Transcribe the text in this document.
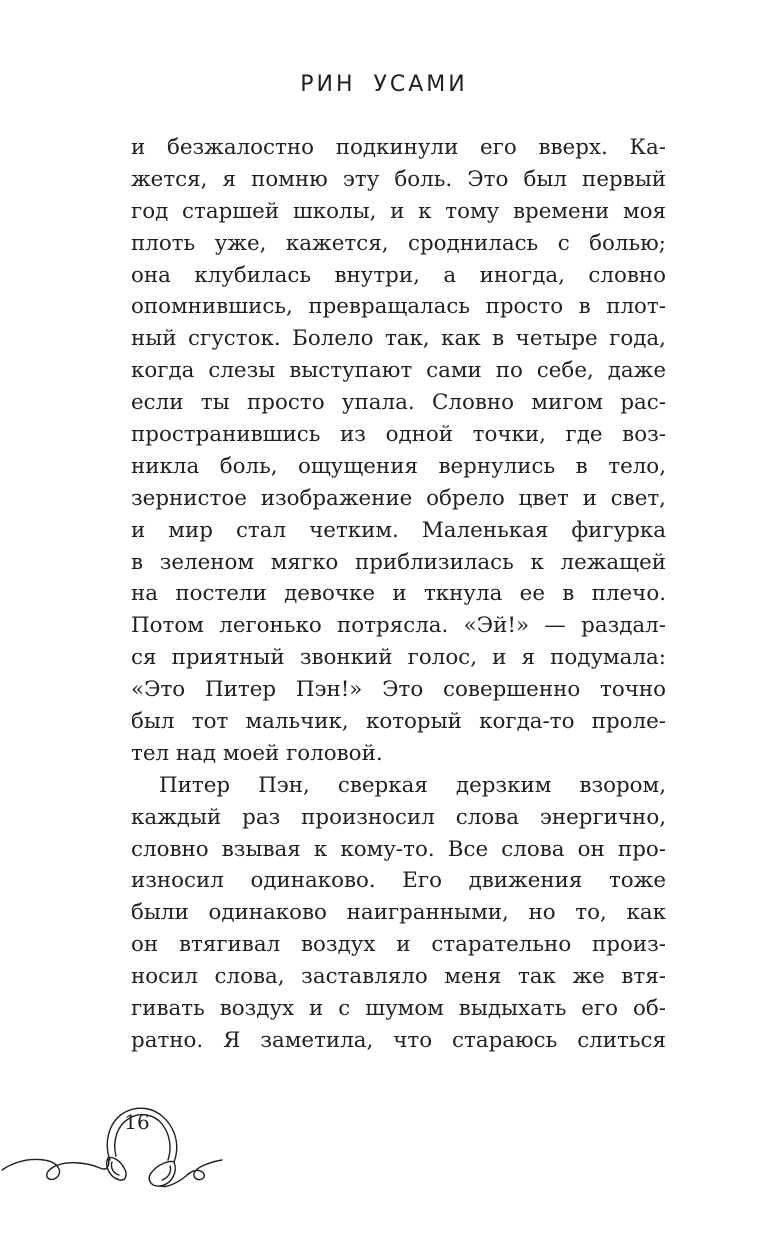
РИН УСАМИ
и безжалостно подкинули его вверх. Ка-
жется, я помню эту боль. Это был первый
год старшей школы, и к тому времени моя
плоть уже, кажется, сроднилась с болью;
она клубилась внутри, а иногда, словно
опомнившись, превращалась просто в плот-
ный сгусток. Болело так, как в четыре года,
когда слезы выступают сами по себе, даже
если ты просто упала. Словно мигом рас-
пространившись из одной точки, где воз-
никла боль, ощущения вернулись в тело,
зернистое изображение обрело цвет и свет,
и мир стал четким. Маленькая фигурка
в зеленом мягко приблизилась к лежащей
на постели девочке и ткнула ее в плечо.
Потом легонько потрясла. «Эй!» — раздал-
ся приятный звонкий голос, и я подумала:
«Это Питер Пэн!» Это совершенно точно
был тот мальчик, который когда-то проле-
тел над моей головой.
Питер Пэн, сверкая дерзким взором,
каждый раз произносил слова энергично,
словно взывая к кому-то. Все слова он про-
износил одинаково. Его движения тоже
были одинаково наигранными, но то, как
он втягивал воздух и старательно произ-
носил слова, заставляло меня так же втя-
гивать воздух и с шумом выдыхать его об-
ратно. Я заметила, что стараюсь слиться
16
